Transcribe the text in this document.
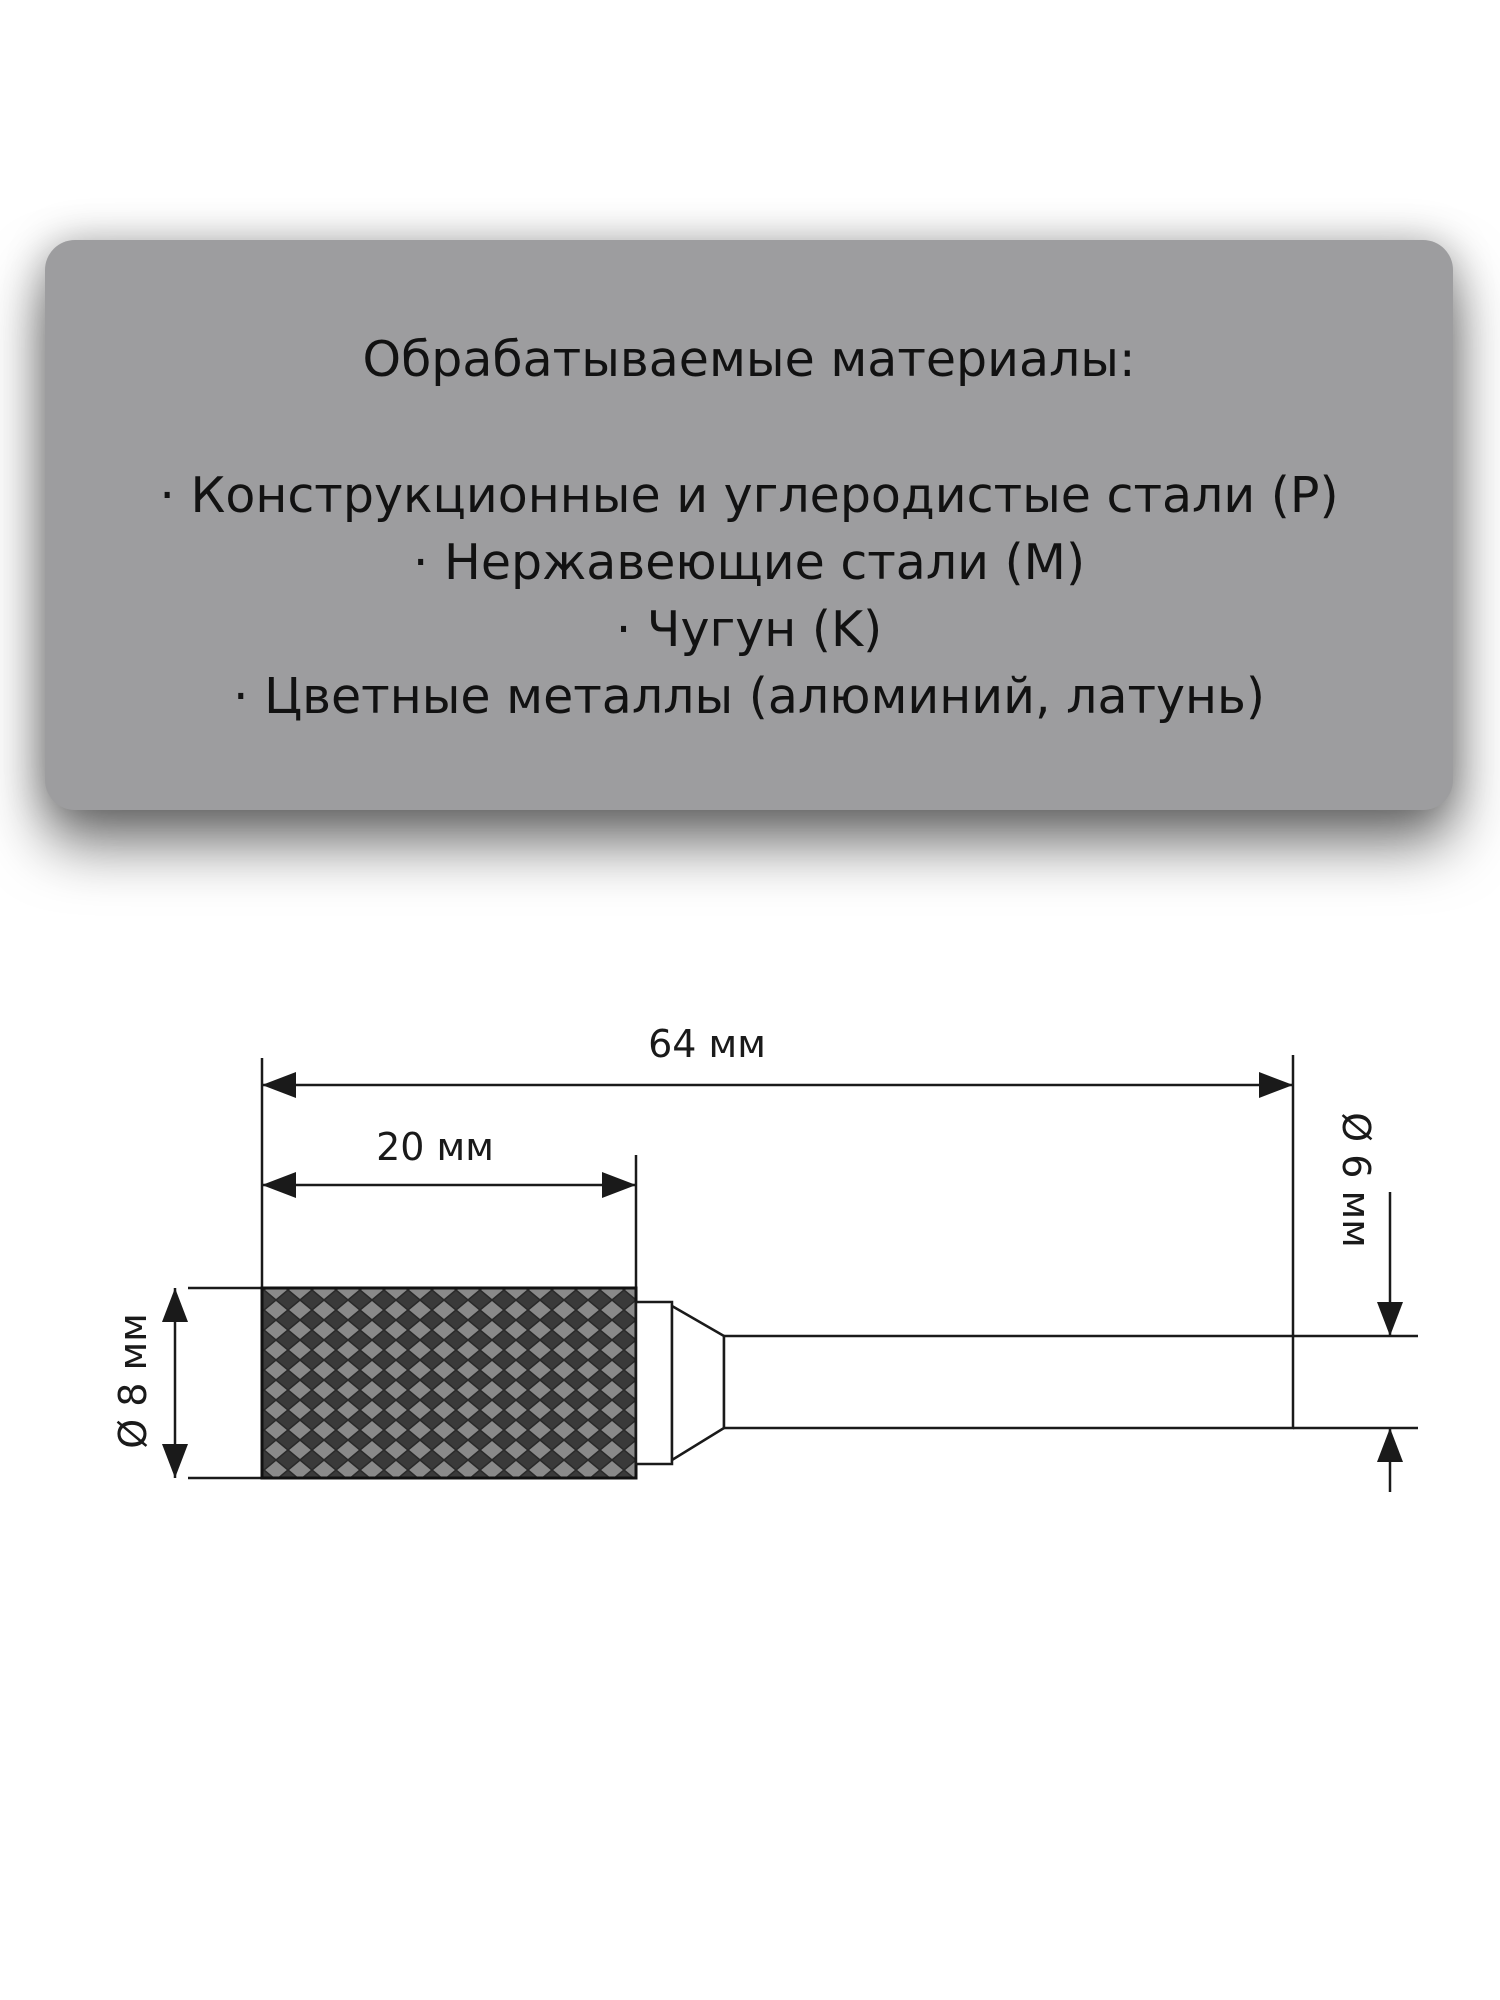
Обрабатываемые материалы:
· Конструкционные и углеродистые стали (P)
· Нержавеющие стали (M)
· Чугун (K)
· Цветные металлы (алюминий, латунь)
64 мм
20 мм
Ø 8 мм
Ø 6 мм
